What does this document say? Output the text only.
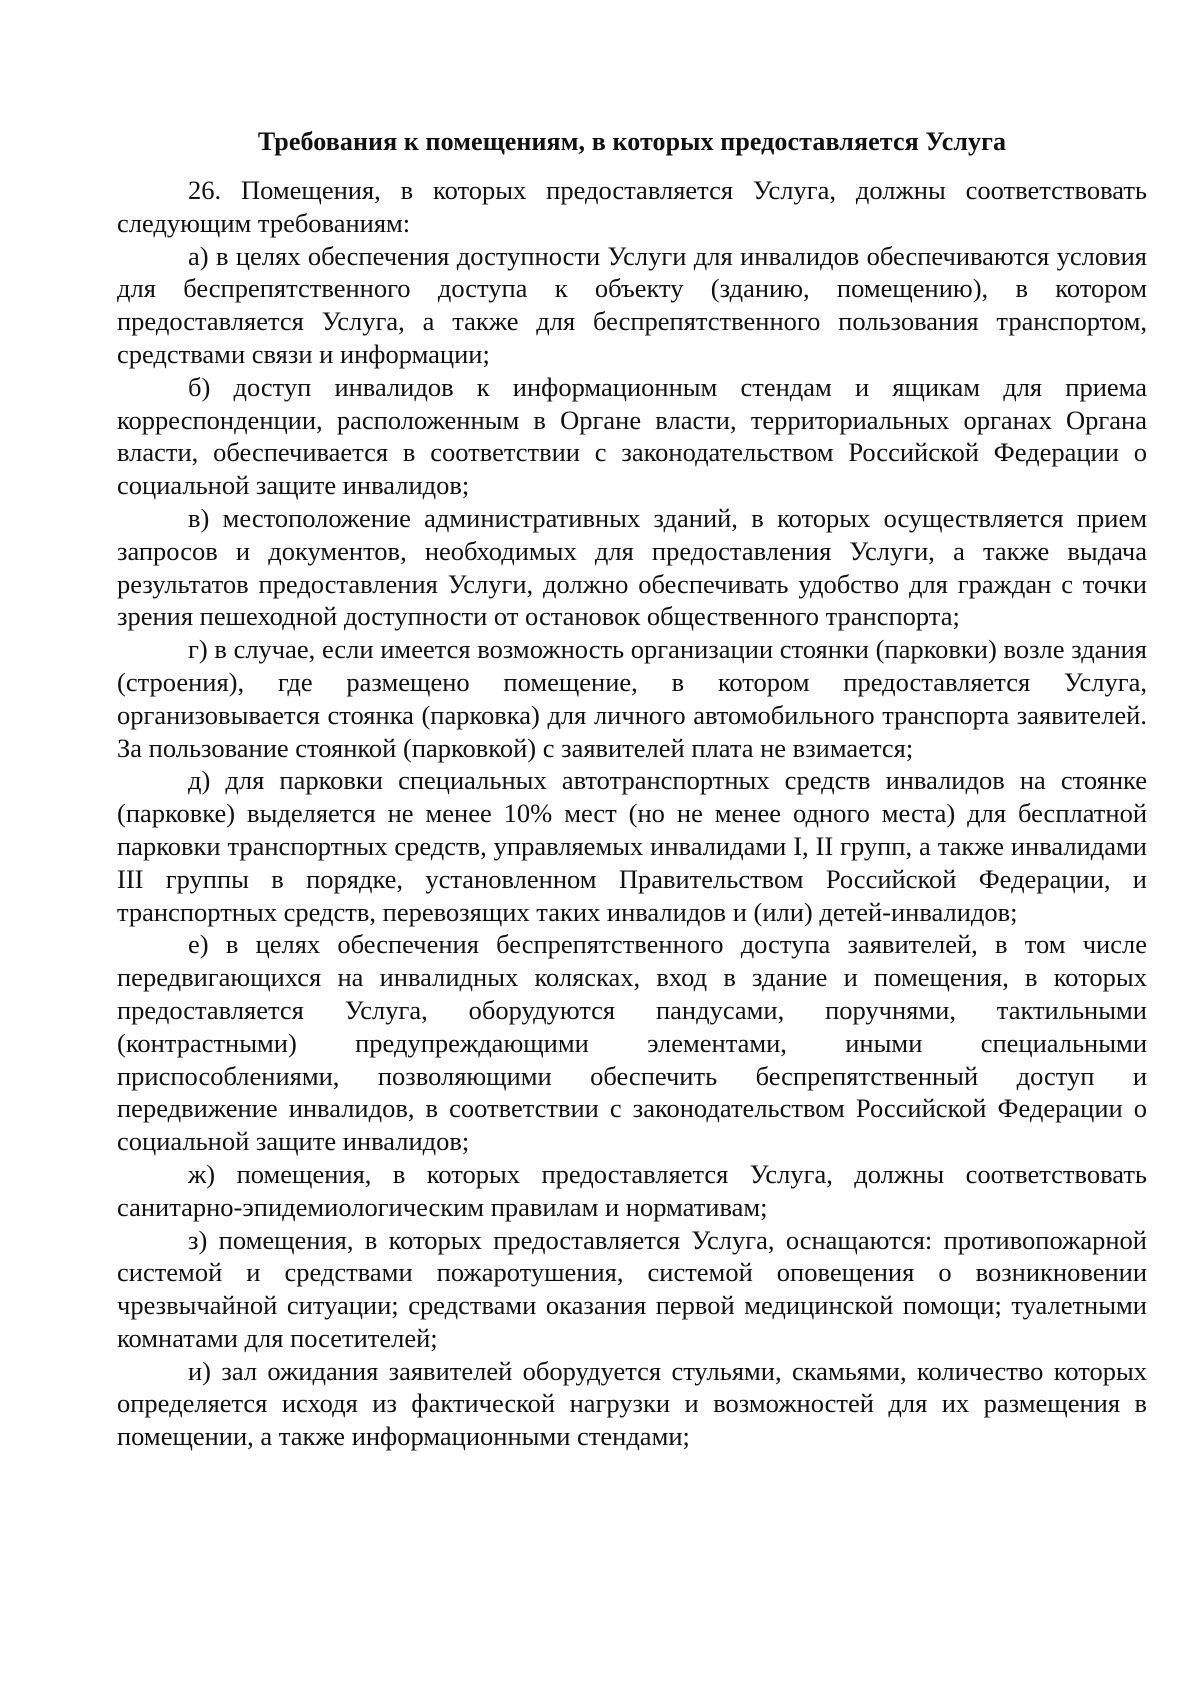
Требования к помещениям, в которых предоставляется Услуга

26. Помещения, в которых предоставляется Услуга, должны соответствовать следующим требованиям:

а) в целях обеспечения доступности Услуги для инвалидов обеспечиваются условия для беспрепятственного доступа к объекту (зданию, помещению), в котором предоставляется Услуга, а также для беспрепятственного пользования транспортом, средствами связи и информации;

б) доступ инвалидов к информационным стендам и ящикам для приема корреспонденции, расположенным в Органе власти, территориальных органах Органа власти, обеспечивается в соответствии с законодательством Российской Федерации о социальной защите инвалидов;

в) местоположение административных зданий, в которых осуществляется прием запросов и документов, необходимых для предоставления Услуги, а также выдача результатов предоставления Услуги, должно обеспечивать удобство для граждан с точки зрения пешеходной доступности от остановок общественного транспорта;

г) в случае, если имеется возможность организации стоянки (парковки) возле здания (строения), где размещено помещение, в котором предоставляется Услуга, организовывается стоянка (парковка) для личного автомобильного транспорта заявителей. За пользование стоянкой (парковкой) с заявителей плата не взимается;

д) для парковки специальных автотранспортных средств инвалидов на стоянке (парковке) выделяется не менее 10% мест (но не менее одного места) для бесплатной парковки транспортных средств, управляемых инвалидами I, II групп, а также инвалидами III группы в порядке, установленном Правительством Российской Федерации, и транспортных средств, перевозящих таких инвалидов и (или) детей-инвалидов;

е) в целях обеспечения беспрепятственного доступа заявителей, в том числе передвигающихся на инвалидных колясках, вход в здание и помещения, в которых предоставляется Услуга, оборудуются пандусами, поручнями, тактильными (контрастными) предупреждающими элементами, иными специальными приспособлениями, позволяющими обеспечить беспрепятственный доступ и передвижение инвалидов, в соответствии с законодательством Российской Федерации о социальной защите инвалидов;

ж) помещения, в которых предоставляется Услуга, должны соответствовать санитарно-эпидемиологическим правилам и нормативам;

з) помещения, в которых предоставляется Услуга, оснащаются: противопожарной системой и средствами пожаротушения, системой оповещения о возникновении чрезвычайной ситуации; средствами оказания первой медицинской помощи; туалетными комнатами для посетителей;

и) зал ожидания заявителей оборудуется стульями, скамьями, количество которых определяется исходя из фактической нагрузки и возможностей для их размещения в помещении, а также информационными стендами;
